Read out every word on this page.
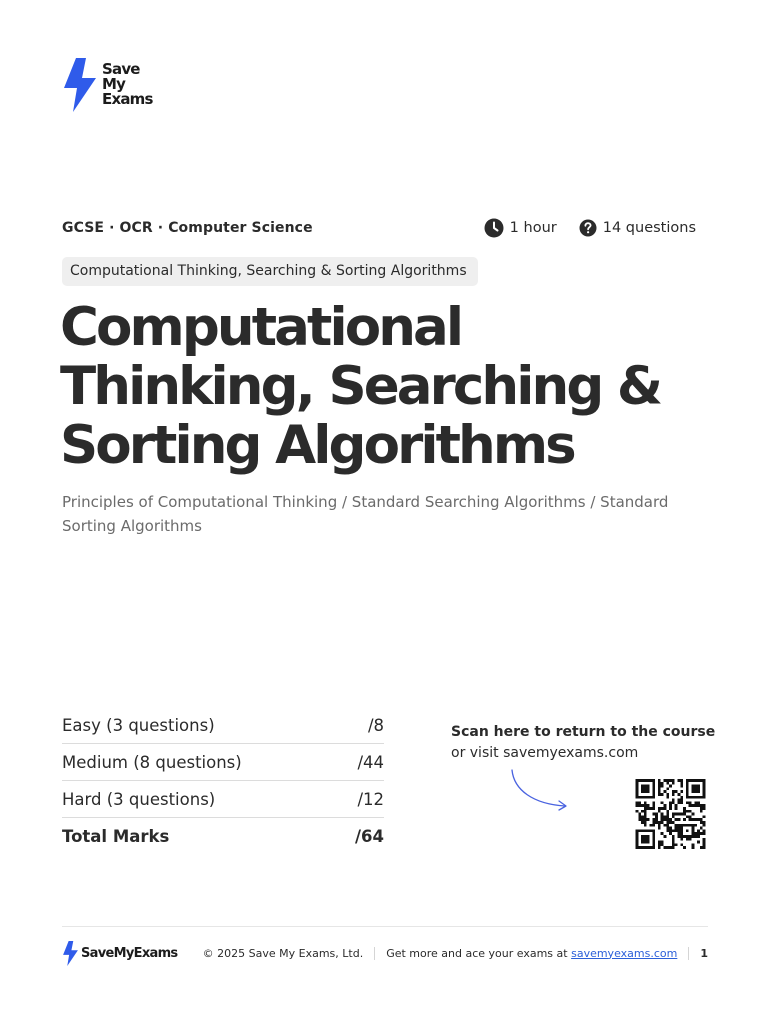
Save
My
Exams
GCSE · OCR · Computer Science	1 hour	14 questions
Computational Thinking, Searching & Sorting Algorithms
Computational
Thinking, Searching &
Sorting Algorithms

Principles of Computational Thinking / Standard Searching Algorithms / Standard Sorting Algorithms

Easy (3 questions)	/8
Medium (8 questions)	/44
Hard (3 questions)	/12
Total Marks	/64
Scan here to return to the course
or visit savemyexams.com
SaveMyExams © 2025 Save My Exams, Ltd. Get more and ace your exams at
savemyexams.com 1
